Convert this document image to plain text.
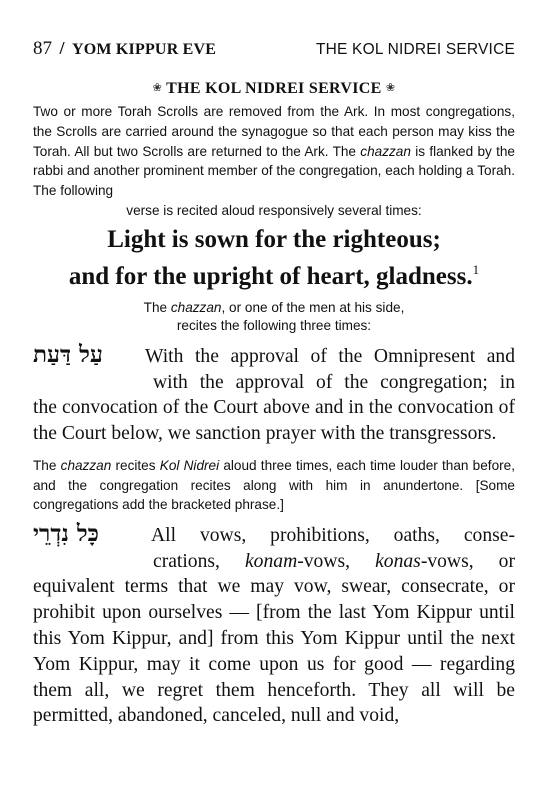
87 / YOM KIPPUR EVE	THE KOL NIDREI SERVICE
❀ THE KOL NIDREI SERVICE ❀
Two or more Torah Scrolls are removed from the Ark. In most congregations, the Scrolls are carried around the synagogue so that each person may kiss the Torah. All but two Scrolls are returned to the Ark. The chazzan is flanked by the rabbi and another prominent member of the congregation, each holding a Torah. The following
verse is recited aloud responsively several times:
Light is sown for the righteous;
and for the upright of heart, gladness.$^1$
The chazzan, or one of the men at his side,
recites the following three times:
עַל דַּעַת	With the approval of the Omnipresent and
with the approval of the congregation; in
the convocation of the Court above and in the convocation of the Court below, we sanction prayer with the transgressors.
The chazzan recites Kol Nidrei aloud three times, each time louder than before, and the congregation recites along with him in anundertone. [Some congregations add the bracketed phrase.]
כָּל נִדְרֵי	All vows, prohibitions, oaths, conse-
crations, konam-vows, konas-vows, or
equivalent terms that we may vow, swear, consecrate, or prohibit upon ourselves — [from the last Yom Kippur until this Yom Kippur, and] from this Yom Kippur until the next Yom Kippur, may it come upon us for good — regarding them all, we regret them henceforth. They all will be permitted, abandoned, canceled, null and void,
